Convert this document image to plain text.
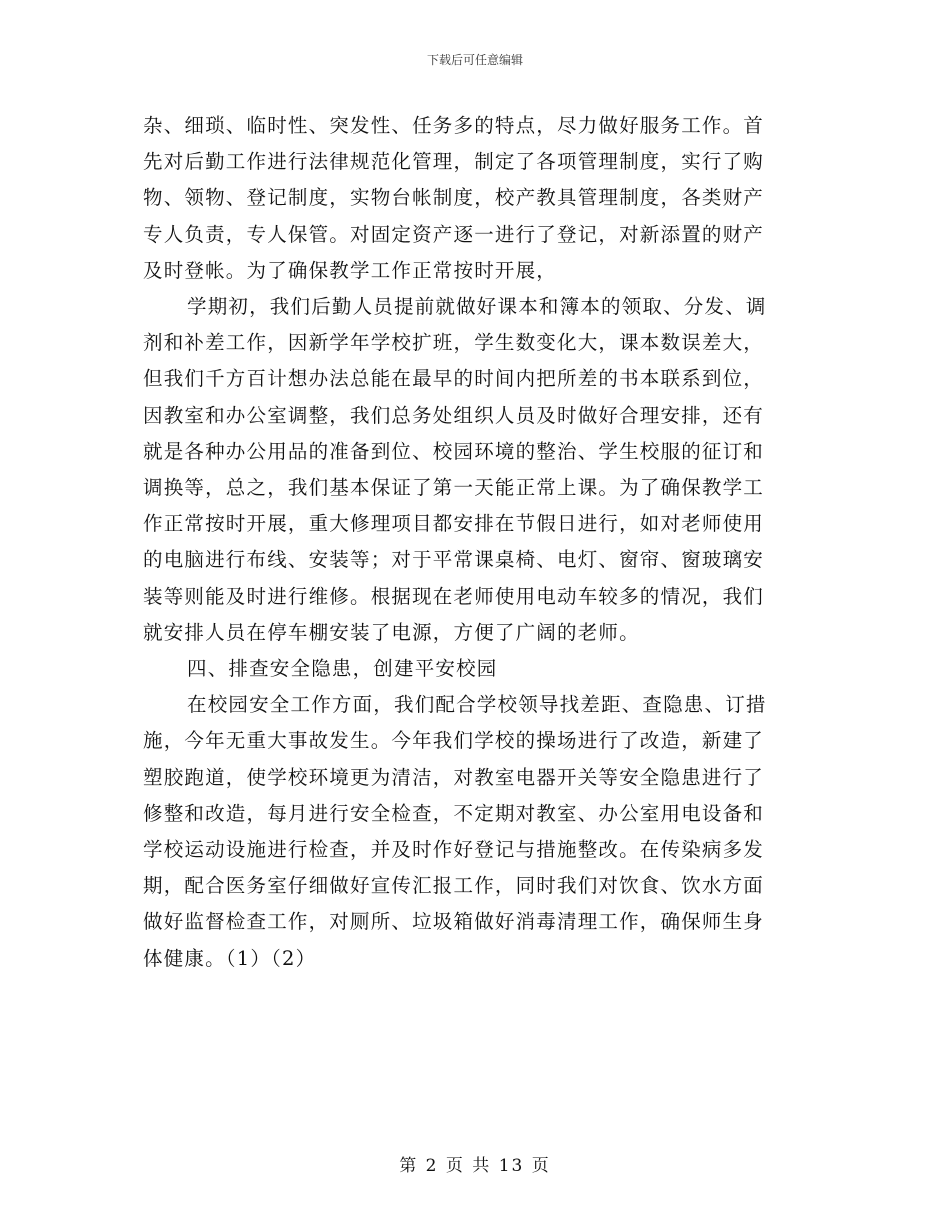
下载后可任意编辑
杂、细琐、临时性、突发性、任务多的特点，尽力做好服务工作。首
先对后勤工作进行法律规范化管理，制定了各项管理制度，实行了购
物、领物、登记制度，实物台帐制度，校产教具管理制度，各类财产
专人负责，专人保管。对固定资产逐一进行了登记，对新添置的财产
及时登帐。为了确保教学工作正常按时开展，
学期初，我们后勤人员提前就做好课本和簿本的领取、分发、调
剂和补差工作，因新学年学校扩班，学生数变化大，课本数误差大，
但我们千方百计想办法总能在最早的时间内把所差的书本联系到位，
因教室和办公室调整，我们总务处组织人员及时做好合理安排，还有
就是各种办公用品的准备到位、校园环境的整治、学生校服的征订和
调换等，总之，我们基本保证了第一天能正常上课。为了确保教学工
作正常按时开展，重大修理项目都安排在节假日进行，如对老师使用
的电脑进行布线、安装等；对于平常课桌椅、电灯、窗帘、窗玻璃安
装等则能及时进行维修。根据现在老师使用电动车较多的情况，我们
就安排人员在停车棚安装了电源，方便了广阔的老师。
四、排查安全隐患，创建平安校园
在校园安全工作方面，我们配合学校领导找差距、查隐患、订措
施，今年无重大事故发生。今年我们学校的操场进行了改造，新建了
塑胶跑道，使学校环境更为清洁，对教室电器开关等安全隐患进行了
修整和改造，每月进行安全检查，不定期对教室、办公室用电设备和
学校运动设施进行检查，并及时作好登记与措施整改。在传染病多发
期，配合医务室仔细做好宣传汇报工作，同时我们对饮食、饮水方面
做好监督检查工作，对厕所、垃圾箱做好消毒清理工作，确保师生身
体健康。（1）（2）
第 2 页 共 13 页
